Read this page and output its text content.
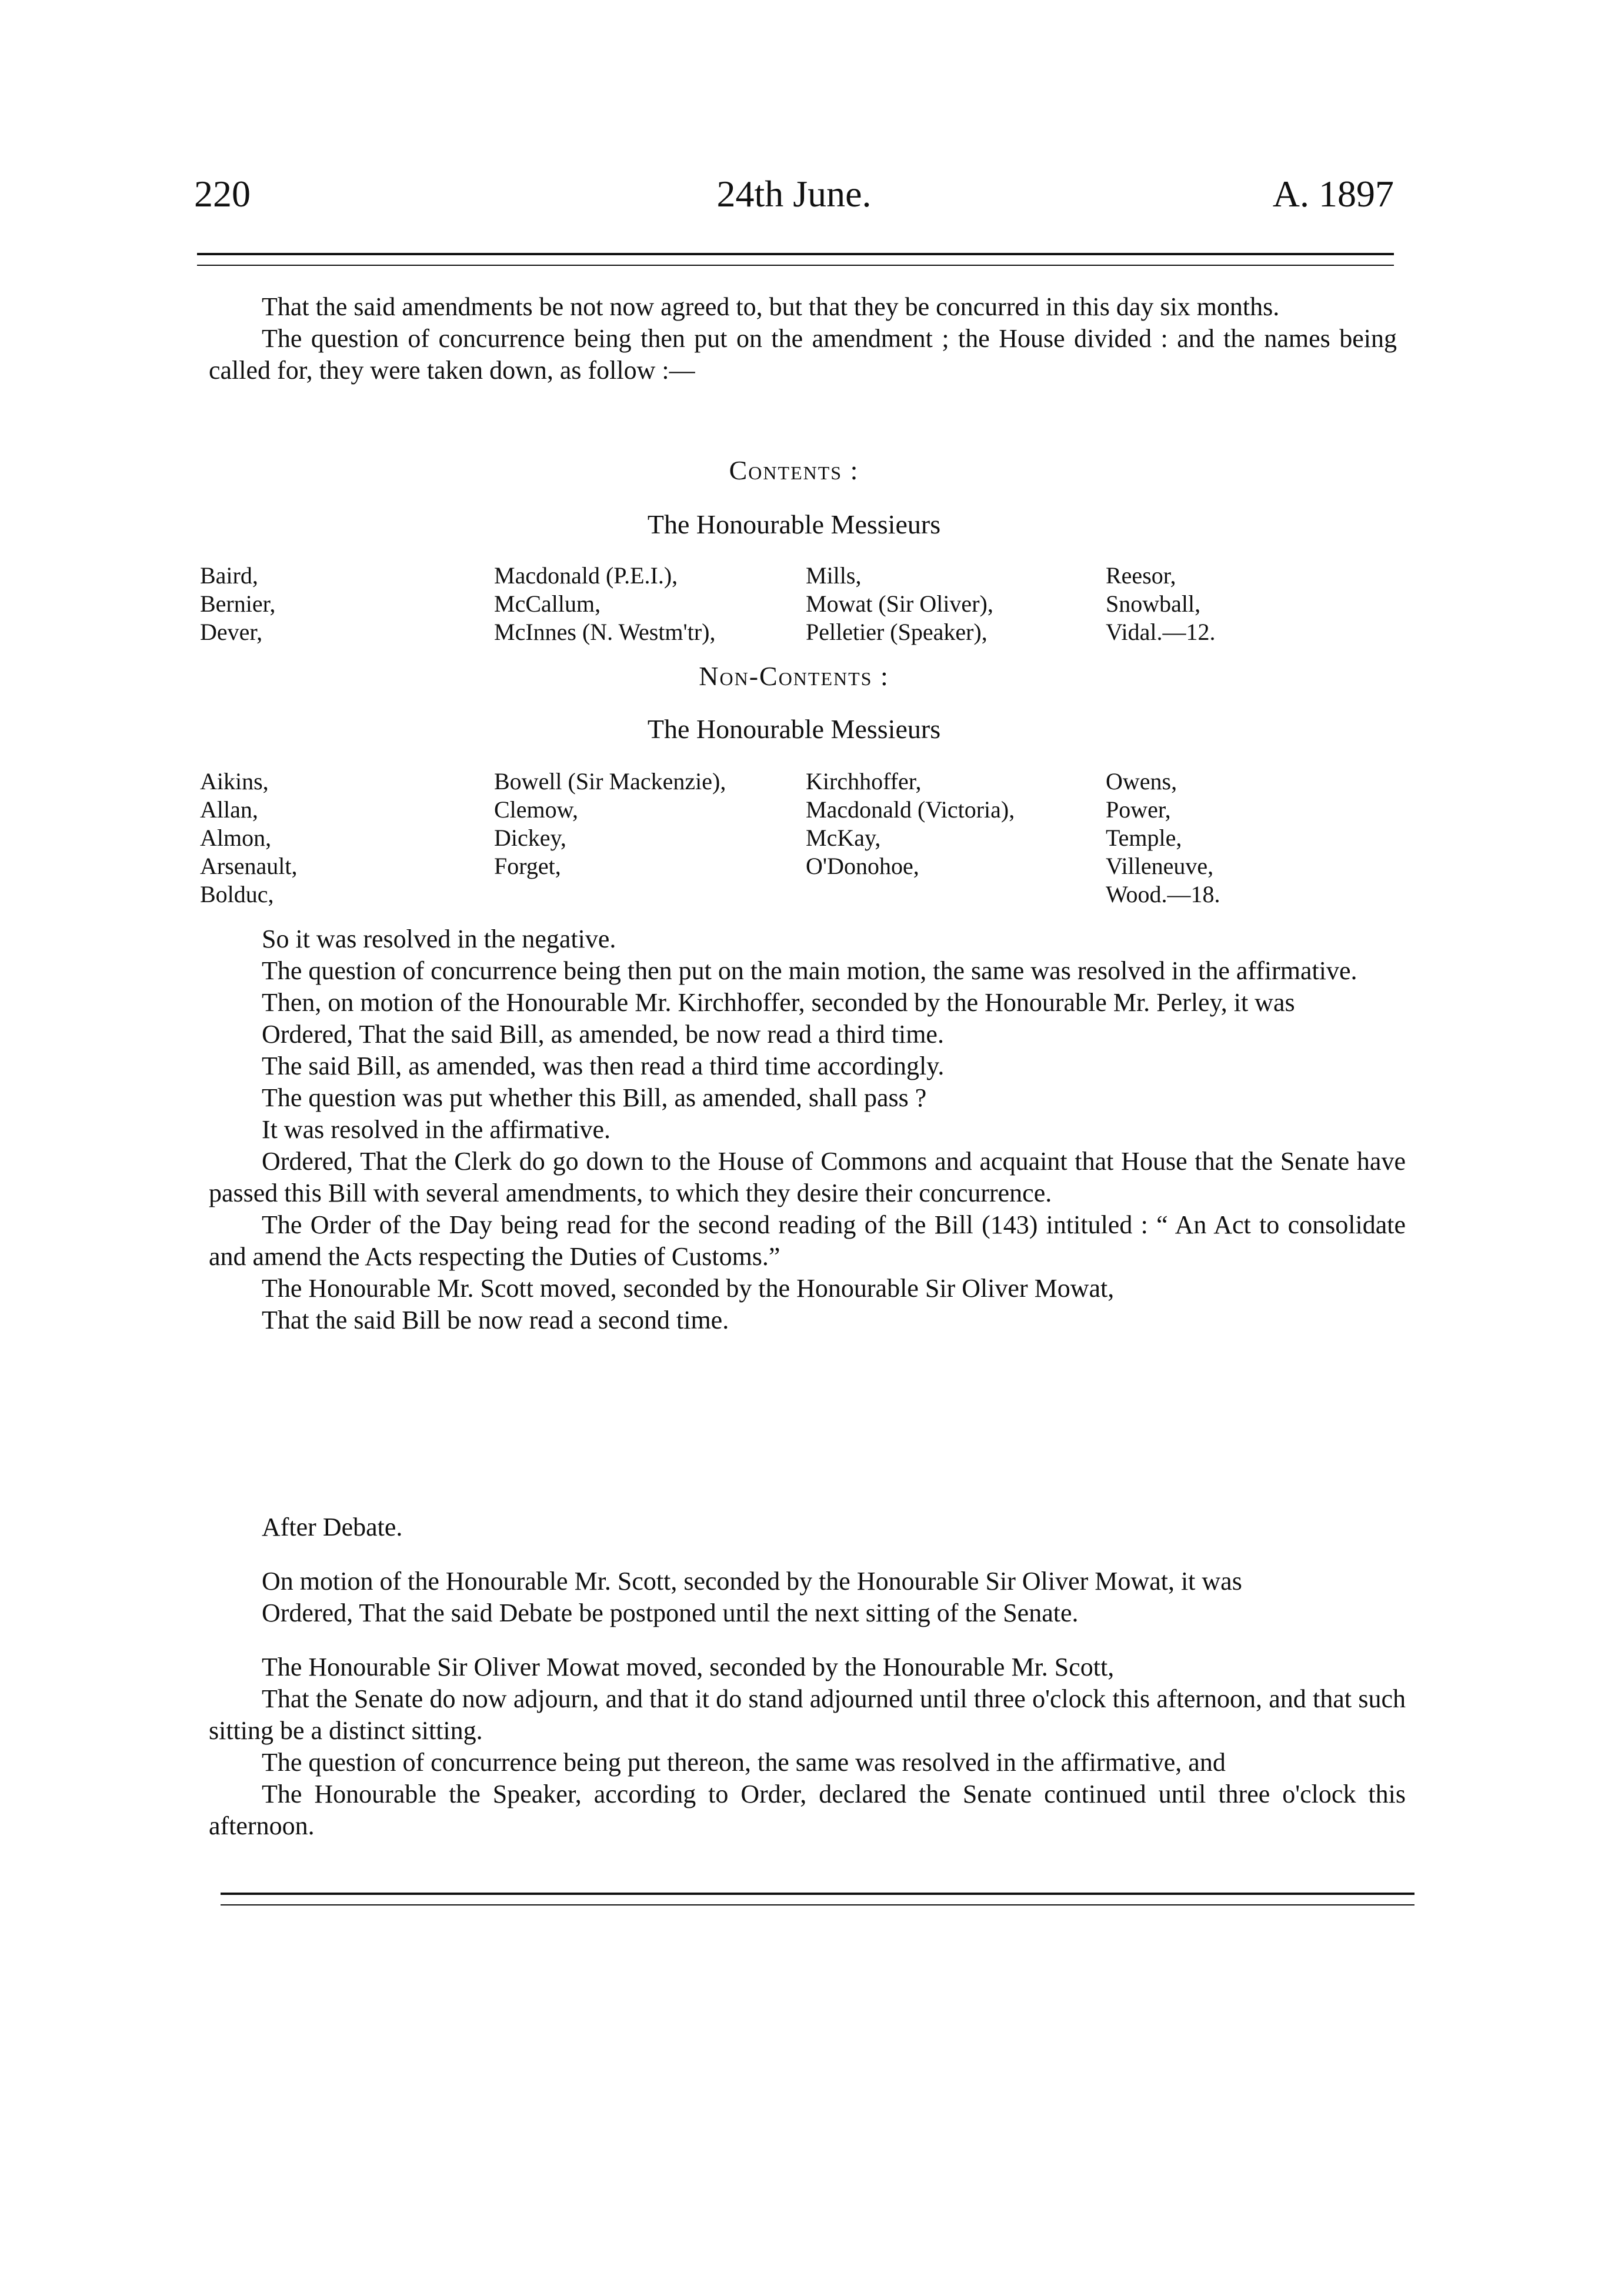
24th June.
220	A. 1897

That the said amendments be not now agreed to, but that they be concurred in this day six months.

The question of concurrence being then put on the amendment ; the House divided : and the names being called for, they were taken down, as follow :—

Contents :
The Honourable Messieurs
Baird,
Bernier,
Dever,
Macdonald (P.E.I.),
McCallum,
McInnes (N. Westm'tr),
Mills,
Mowat (Sir Oliver),
Pelletier (Speaker),
Reesor,
Snowball,
Vidal.—12.
Non-Contents :
The Honourable Messieurs
Aikins,
Allan,
Almon,
Arsenault,
Bolduc,
Bowell (Sir Mackenzie),
Clemow,
Dickey,
Forget,
Kirchhoffer,
Macdonald (Victoria),
McKay,
O'Donohoe,
Owens,
Power,
Temple,
Villeneuve,
Wood.—18.

So it was resolved in the negative.

The question of concurrence being then put on the main motion, the same was resolved in the affirmative.

Then, on motion of the Honourable Mr. Kirchhoffer, seconded by the Honourable Mr. Perley, it was

Ordered, That the said Bill, as amended, be now read a third time.

The said Bill, as amended, was then read a third time accordingly.

The question was put whether this Bill, as amended, shall pass ?

It was resolved in the affirmative.

Ordered, That the Clerk do go down to the House of Commons and acquaint that House that the Senate have passed this Bill with several amendments, to which they desire their concurrence.

The Order of the Day being read for the second reading of the Bill (143) intituled : “ An Act to consolidate and amend the Acts respecting the Duties of Customs.”

The Honourable Mr. Scott moved, seconded by the Honourable Sir Oliver Mowat,

That the said Bill be now read a second time.

After Debate.

On motion of the Honourable Mr. Scott, seconded by the Honourable Sir Oliver Mowat, it was

Ordered, That the said Debate be postponed until the next sitting of the Senate.

The Honourable Sir Oliver Mowat moved, seconded by the Honourable Mr. Scott,

That the Senate do now adjourn, and that it do stand adjourned until three o'clock this afternoon, and that such sitting be a distinct sitting.

The question of concurrence being put thereon, the same was resolved in the affirmative, and

The Honourable the Speaker, according to Order, declared the Senate continued until three o'clock this afternoon.
